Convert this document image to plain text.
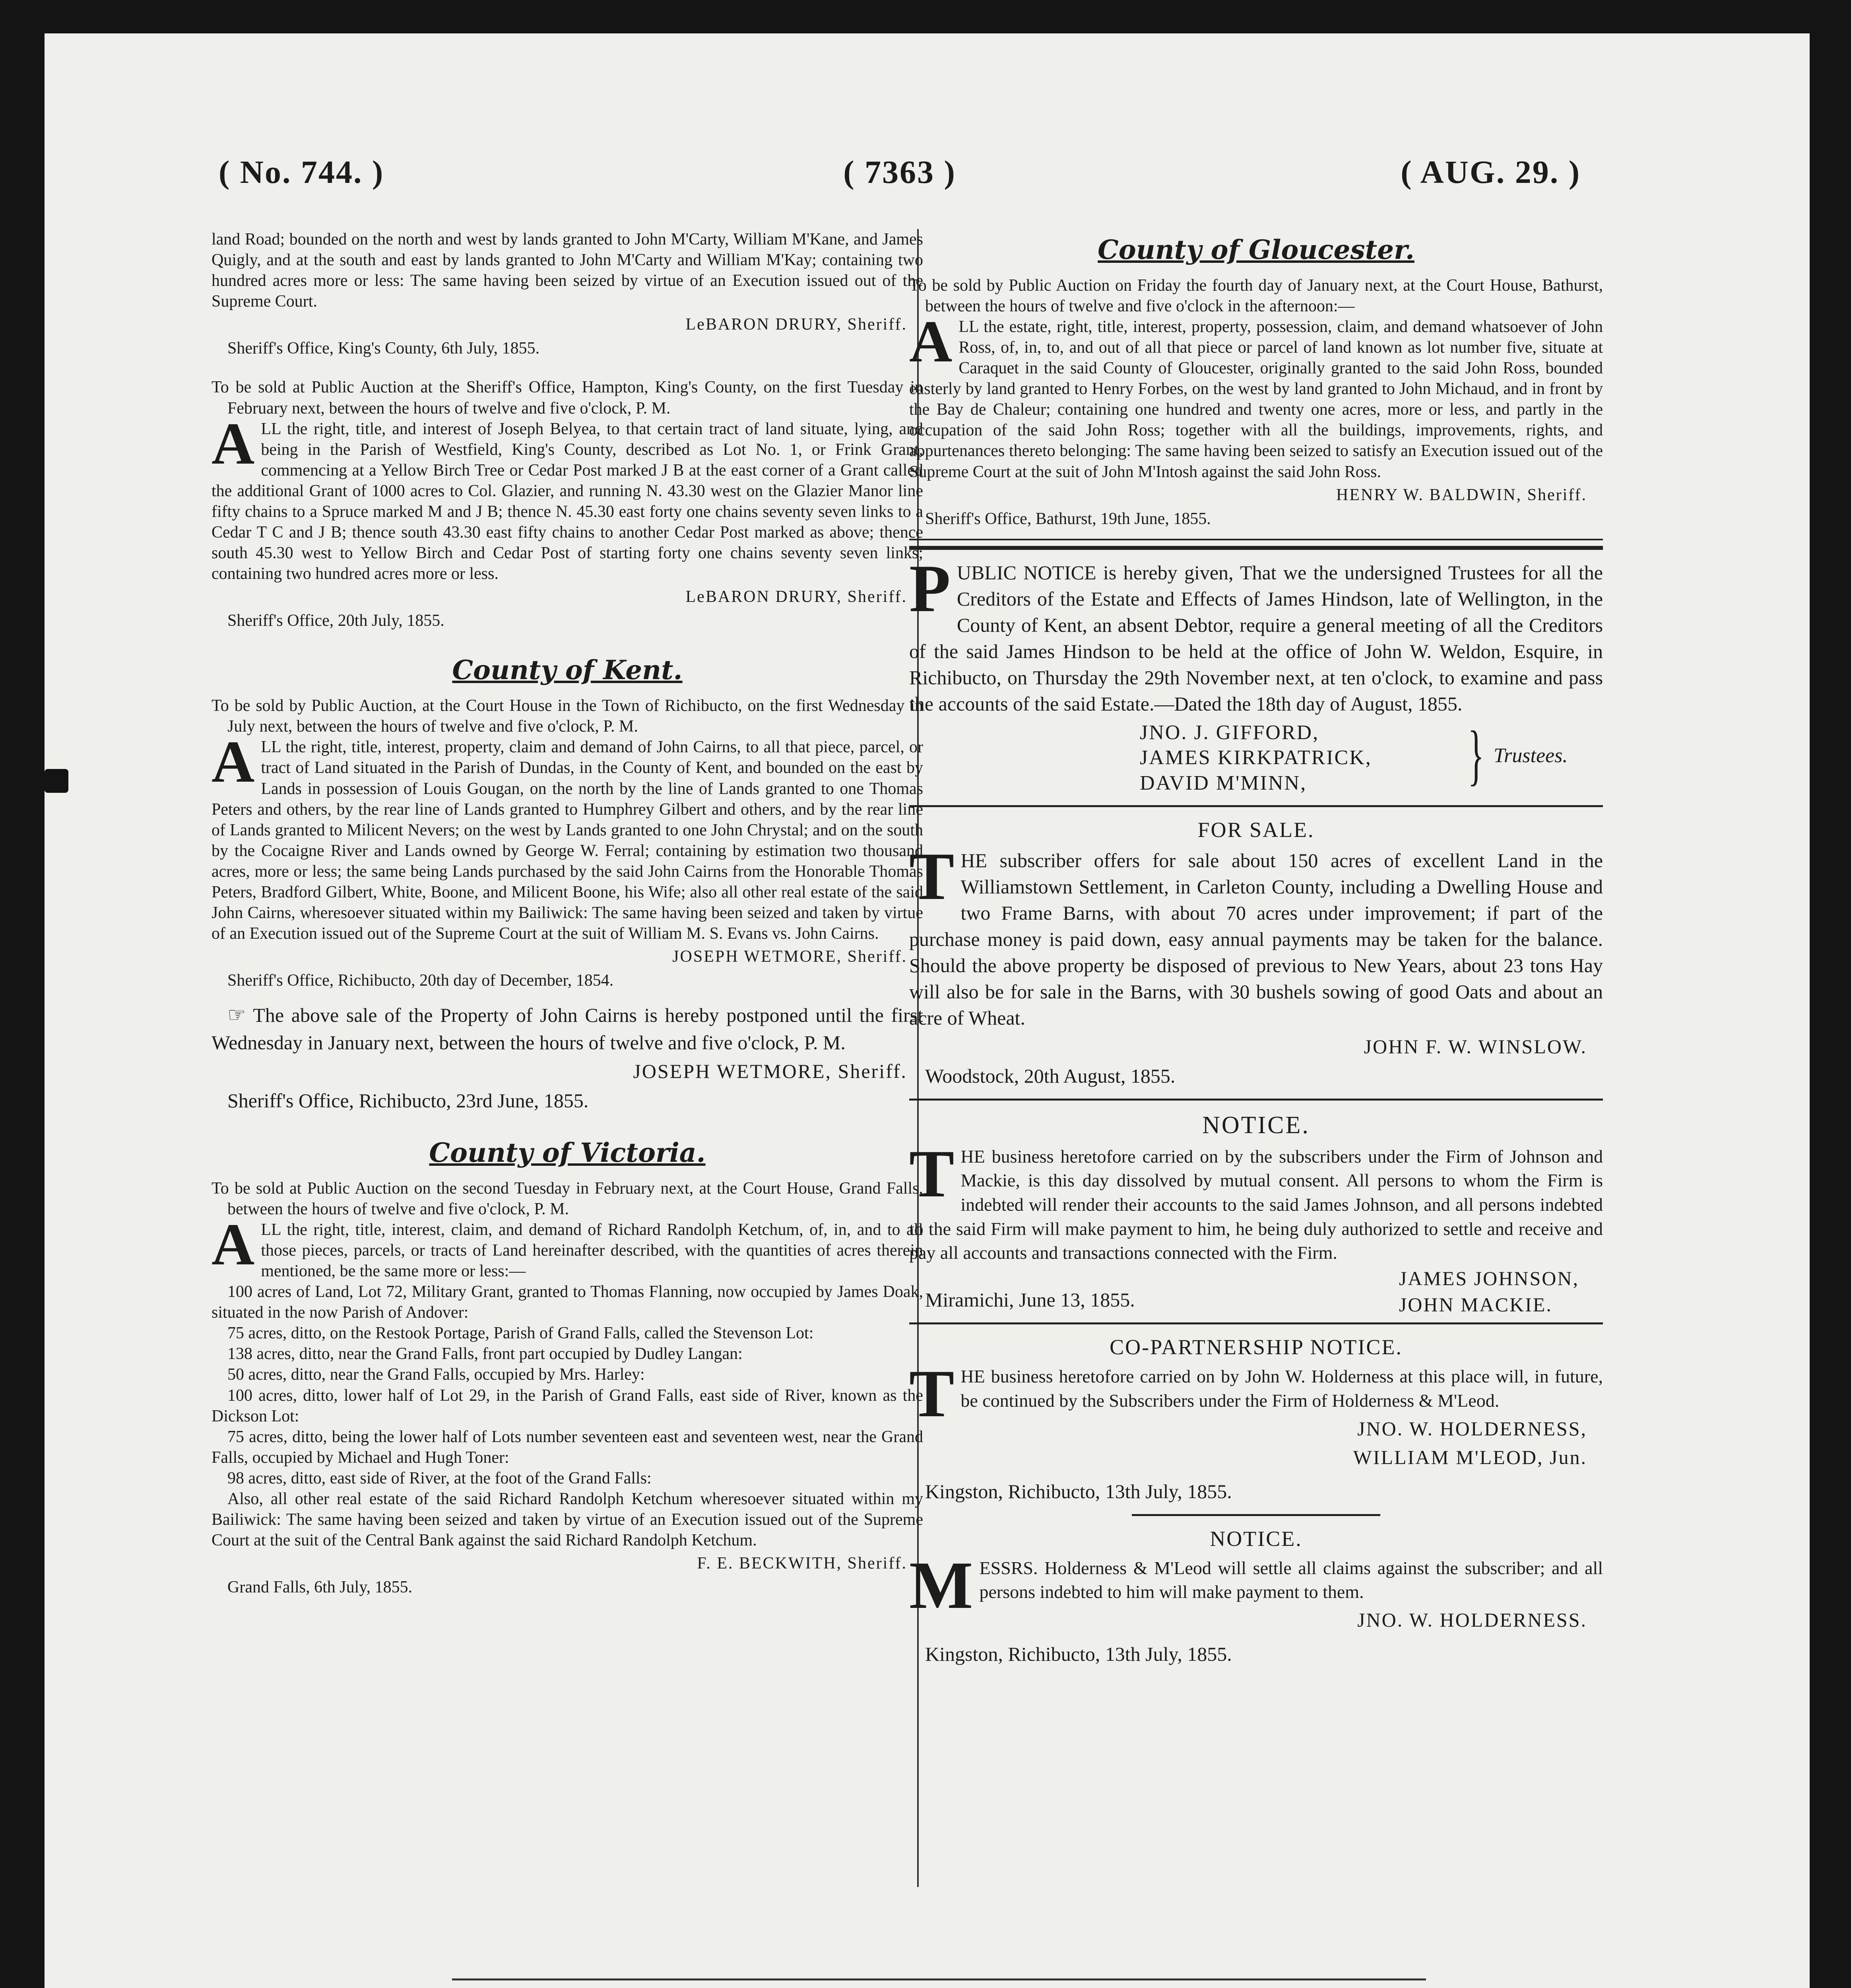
( No. 744. )	( 7363 )	( AUG. 29. )

land Road; bounded on the north and west by lands granted to John M'Carty, William M'Kane, and James Quigly, and at the south and east by lands granted to John M'Carty and William M'Kay; containing two hundred acres more or less: The same having been seized by virtue of an Execution issued out of the Supreme Court.

LeBARON DRURY, Sheriff.

Sheriff's Office, King's County, 6th July, 1855.

To be sold at Public Auction at the Sheriff's Office, Hampton, King's County, on the first Tuesday in February next, between the hours of twelve and five o'clock, P. M.

ALL the right, title, and interest of Joseph Belyea, to that certain tract of land situate, lying, and being in the Parish of Westfield, King's County, described as Lot No. 1, or Frink Grant, commencing at a Yellow Birch Tree or Cedar Post marked J B at the east corner of a Grant called the additional Grant of 1000 acres to Col. Glazier, and running N. 43.30 west on the Glazier Manor line fifty chains to a Spruce marked M and J B; thence N. 45.30 east forty one chains seventy seven links to a Cedar T C and J B; thence south 43.30 east fifty chains to another Cedar Post marked as above; thence south 45.30 west to Yellow Birch and Cedar Post of starting forty one chains seventy seven links; containing two hundred acres more or less.

LeBARON DRURY, Sheriff.

Sheriff's Office, 20th July, 1855.

County of Kent.

To be sold by Public Auction, at the Court House in the Town of Richibucto, on the first Wednesday in July next, between the hours of twelve and five o'clock, P. M.

ALL the right, title, interest, property, claim and demand of John Cairns, to all that piece, parcel, or tract of Land situated in the Parish of Dundas, in the County of Kent, and bounded on the east by Lands in possession of Louis Gougan, on the north by the line of Lands granted to one Thomas Peters and others, by the rear line of Lands granted to Humphrey Gilbert and others, and by the rear line of Lands granted to Milicent Nevers; on the west by Lands granted to one John Chrystal; and on the south by the Cocaigne River and Lands owned by George W. Ferral; containing by estimation two thousand acres, more or less; the same being Lands purchased by the said John Cairns from the Honorable Thomas Peters, Bradford Gilbert, White, Boone, and Milicent Boone, his Wife; also all other real estate of the said John Cairns, wheresoever situated within my Bailiwick: The same having been seized and taken by virtue of an Execution issued out of the Supreme Court at the suit of William M. S. Evans vs. John Cairns.

JOSEPH WETMORE, Sheriff.

Sheriff's Office, Richibucto, 20th day of December, 1854.

☞ The above sale of the Property of John Cairns is hereby postponed until the first Wednesday in January next, between the hours of twelve and five o'clock, P. M.

JOSEPH WETMORE, Sheriff.

Sheriff's Office, Richibucto, 23rd June, 1855.

County of Victoria.

To be sold at Public Auction on the second Tuesday in February next, at the Court House, Grand Falls, between the hours of twelve and five o'clock, P. M.

ALL the right, title, interest, claim, and demand of Richard Randolph Ketchum, of, in, and to all those pieces, parcels, or tracts of Land hereinafter described, with the quantities of acres therein mentioned, be the same more or less:—

100 acres of Land, Lot 72, Military Grant, granted to Thomas Flanning, now occupied by James Doak, situated in the now Parish of Andover:

75 acres, ditto, on the Restook Portage, Parish of Grand Falls, called the Stevenson Lot:

138 acres, ditto, near the Grand Falls, front part occupied by Dudley Langan:

50 acres, ditto, near the Grand Falls, occupied by Mrs. Harley:

100 acres, ditto, lower half of Lot 29, in the Parish of Grand Falls, east side of River, known as the Dickson Lot:

75 acres, ditto, being the lower half of Lots number seventeen east and seventeen west, near the Grand Falls, occupied by Michael and Hugh Toner:

98 acres, ditto, east side of River, at the foot of the Grand Falls:

Also, all other real estate of the said Richard Randolph Ketchum wheresoever situated within my Bailiwick: The same having been seized and taken by virtue of an Execution issued out of the Supreme Court at the suit of the Central Bank against the said Richard Randolph Ketchum.

F. E. BECKWITH, Sheriff.

Grand Falls, 6th July, 1855.

County of Gloucester.

To be sold by Public Auction on Friday the fourth day of January next, at the Court House, Bathurst, between the hours of twelve and five o'clock in the afternoon:—

ALL the estate, right, title, interest, property, possession, claim, and demand whatsoever of John Ross, of, in, to, and out of all that piece or parcel of land known as lot number five, situate at Caraquet in the said County of Gloucester, originally granted to the said John Ross, bounded easterly by land granted to Henry Forbes, on the west by land granted to John Michaud, and in front by the Bay de Chaleur; containing one hundred and twenty one acres, more or less, and partly in the occupation of the said John Ross; together with all the buildings, improvements, rights, and appurtenances thereto belonging: The same having been seized to satisfy an Execution issued out of the Supreme Court at the suit of John M'Intosh against the said John Ross.

HENRY W. BALDWIN, Sheriff.

Sheriff's Office, Bathurst, 19th June, 1855.

PUBLIC NOTICE is hereby given, That we the undersigned Trustees for all the Creditors of the Estate and Effects of James Hindson, late of Wellington, in the County of Kent, an absent Debtor, require a general meeting of all the Creditors of the said James Hindson to be held at the office of John W. Weldon, Esquire, in Richibucto, on Thursday the 29th November next, at ten o'clock, to examine and pass the accounts of the said Estate.—Dated the 18th day of August, 1855.

JNO. J. GIFFORD,
JAMES KIRKPATRICK,
DAVID M'MINN,	} Trustees.

FOR SALE.

THE subscriber offers for sale about 150 acres of excellent Land in the Williamstown Settlement, in Carleton County, including a Dwelling House and two Frame Barns, with about 70 acres under improvement; if part of the purchase money is paid down, easy annual payments may be taken for the balance. Should the above property be disposed of previous to New Years, about 23 tons Hay will also be for sale in the Barns, with 30 bushels sowing of good Oats and about an acre of Wheat.

JOHN F. W. WINSLOW.

Woodstock, 20th August, 1855.

NOTICE.

THE business heretofore carried on by the subscribers under the Firm of Johnson and Mackie, is this day dissolved by mutual consent. All persons to whom the Firm is indebted will render their accounts to the said James Johnson, and all persons indebted to the said Firm will make payment to him, he being duly authorized to settle and receive and pay all accounts and transactions connected with the Firm.

Miramichi, June 13, 1855.
JAMES JOHNSON,
JOHN MACKIE.

CO-PARTNERSHIP NOTICE.

THE business heretofore carried on by John W. Holderness at this place will, in future, be continued by the Subscribers under the Firm of Holderness & M'Leod.

JNO. W. HOLDERNESS,

WILLIAM M'LEOD, Jun.

Kingston, Richibucto, 13th July, 1855.

NOTICE.

MESSRS. Holderness & M'Leod will settle all claims against the subscriber; and all persons indebted to him will make payment to them.

JNO. W. HOLDERNESS.

Kingston, Richibucto, 13th July, 1855.
